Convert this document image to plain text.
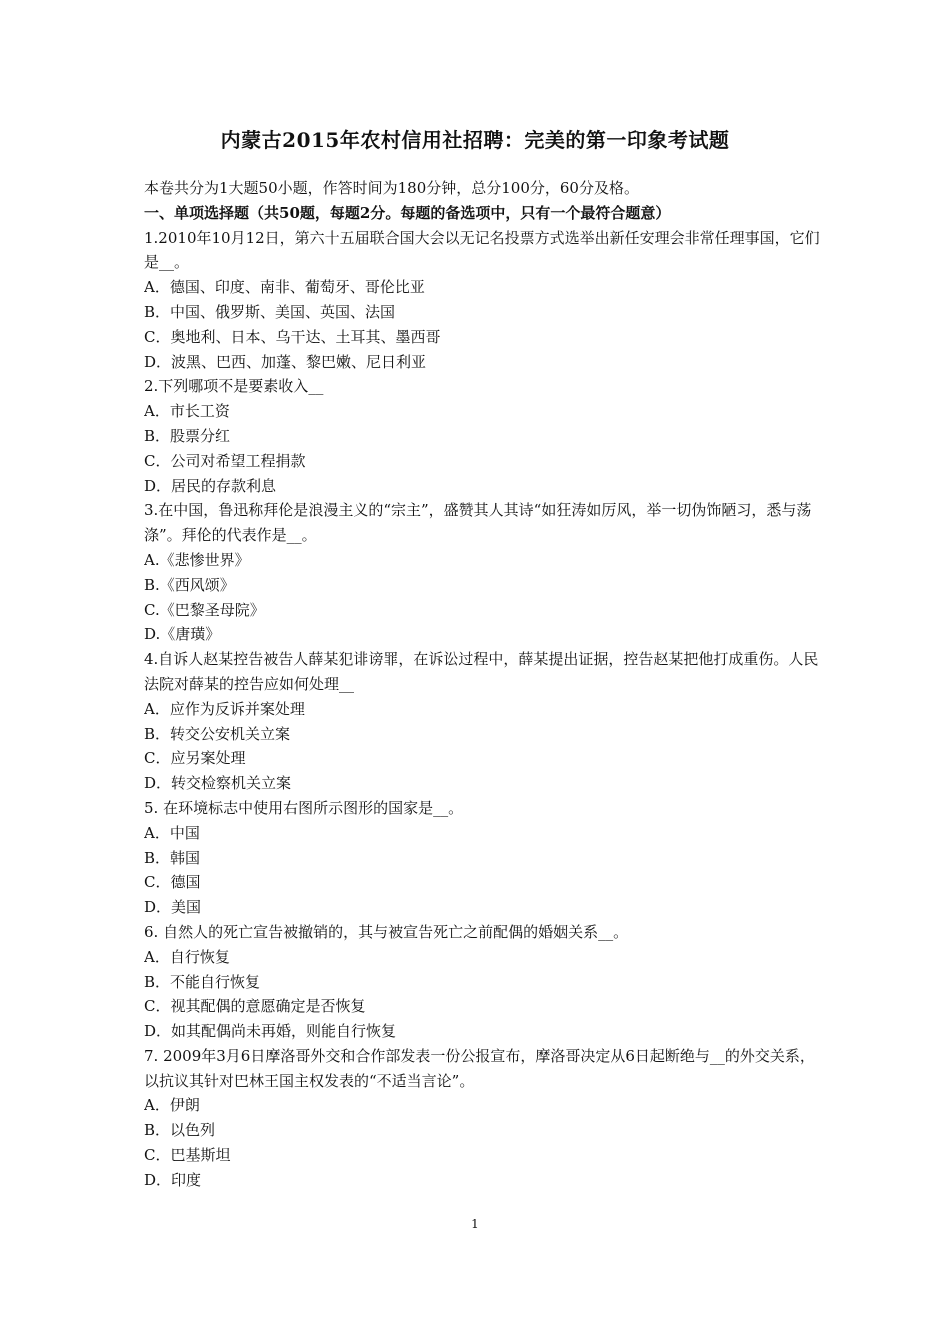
内蒙古2015年农村信用社招聘：完美的第一印象考试题
本卷共分为1大题50小题，作答时间为180分钟，总分100分，60分及格。
一、单项选择题（共50题，每题2分。每题的备选项中，只有一个最符合题意）
1.2010年10月12日，第六十五届联合国大会以无记名投票方式选举出新任安理会非常任理事国，它们是__。
A．德国、印度、南非、葡萄牙、哥伦比亚
B．中国、俄罗斯、美国、英国、法国
C．奥地利、日本、乌干达、土耳其、墨西哥
D．波黑、巴西、加蓬、黎巴嫩、尼日利亚
2.下列哪项不是要素收入__
A．市长工资
B．股票分红
C．公司对希望工程捐款
D．居民的存款利息
3.在中国，鲁迅称拜伦是浪漫主义的“宗主”，盛赞其人其诗“如狂涛如厉风，举一切伪饰陋习，悉与荡涤”。拜伦的代表作是__。
A.《悲惨世界》
B.《西风颂》
C.《巴黎圣母院》
D.《唐璜》
4.自诉人赵某控告被告人薛某犯诽谤罪，在诉讼过程中，薛某提出证据，控告赵某把他打成重伤。人民法院对薛某的控告应如何处理__
A．应作为反诉并案处理
B．转交公安机关立案
C．应另案处理
D．转交检察机关立案
5. 在环境标志中使用右图所示图形的国家是__。
A．中国
B．韩国
C．德国
D．美国
6. 自然人的死亡宣告被撤销的，其与被宣告死亡之前配偶的婚姻关系__。
A．自行恢复
B．不能自行恢复
C．视其配偶的意愿确定是否恢复
D．如其配偶尚未再婚，则能自行恢复
7. 2009年3月6日摩洛哥外交和合作部发表一份公报宣布，摩洛哥决定从6日起断绝与__的外交关系，以抗议其针对巴林王国主权发表的“不适当言论”。
A．伊朗
B．以色列
C．巴基斯坦
D．印度
1
